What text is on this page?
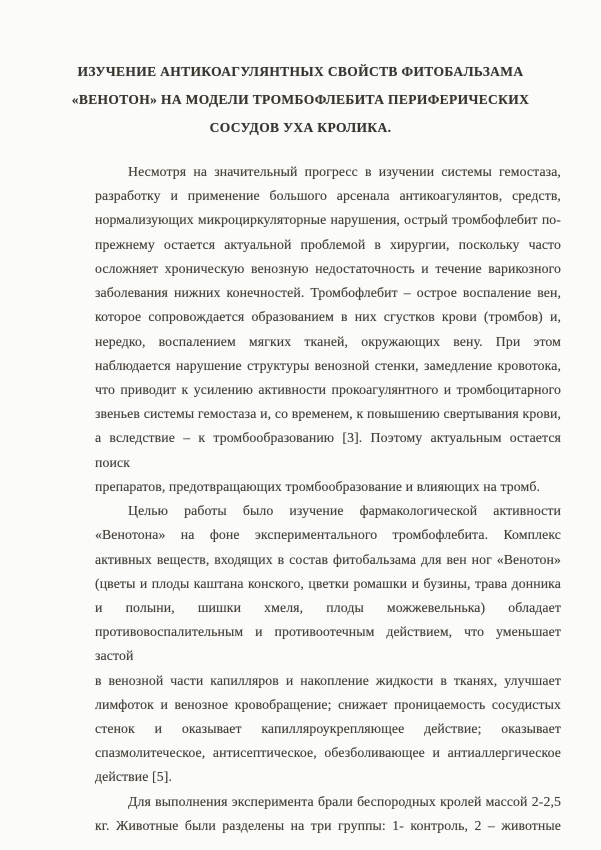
ИЗУЧЕНИЕ АНТИКОАГУЛЯНТНЫХ СВОЙСТВ ФИТОБАЛЬЗАМА
«ВЕНОТОН» НА МОДЕЛИ ТРОМБОФЛЕБИТА ПЕРИФЕРИЧЕСКИХ
СОСУДОВ УХА КРОЛИКА.
Несмотря на значительный прогресс в изучении системы гемостаза,
разработку и применение большого арсенала антикоагулянтов, средств,
нормализующих микроциркуляторные нарушения, острый тромбофлебит по-
прежнему остается актуальной проблемой в хирургии, поскольку часто
осложняет хроническую венозную недостаточность и течение варикозного
заболевания нижних конечностей. Тромбофлебит – острое воспаление вен,
которое сопровождается образованием в них сгустков крови (тромбов) и,
нередко, воспалением мягких тканей, окружающих вену. При этом
наблюдается нарушение структуры венозной стенки, замедление кровотока,
что приводит к усилению активности прокоагулянтного и тромбоцитарного
звеньев системы гемостаза и, со временем, к повышению свертывания крови,
а вследствие – к тромбообразованию [3]. Поэтому актуальным остается поиск
препаратов, предотвращающих тромбообразование и влияющих на тромб.
Целью работы было изучение фармакологической активности
«Венотона» на фоне экспериментального тромбофлебита. Комплекс
активных веществ, входящих в состав фитобальзама для вен ног «Венотон»
(цветы и плоды каштана конского, цветки ромашки и бузины, трава донника
и полыни, шишки хмеля, плоды можжевельнька) обладает
противовоспалительным и противоотечным действием, что уменьшает застой
в венозной части капилляров и накопление жидкости в тканях, улучшает
лимфоток и венозное кровобращение; снижает проницаемость сосудистых
стенок и оказывает капилляроукрепляющее действие; оказывает
спазмолитеческое, антисептическое, обезболивающее и антиаллергическое
действие [5].
Для выполнения эксперимента брали беспородных кролей массой 2-2,5
кг. Животные были разделены на три группы: 1- контроль, 2 – животные
